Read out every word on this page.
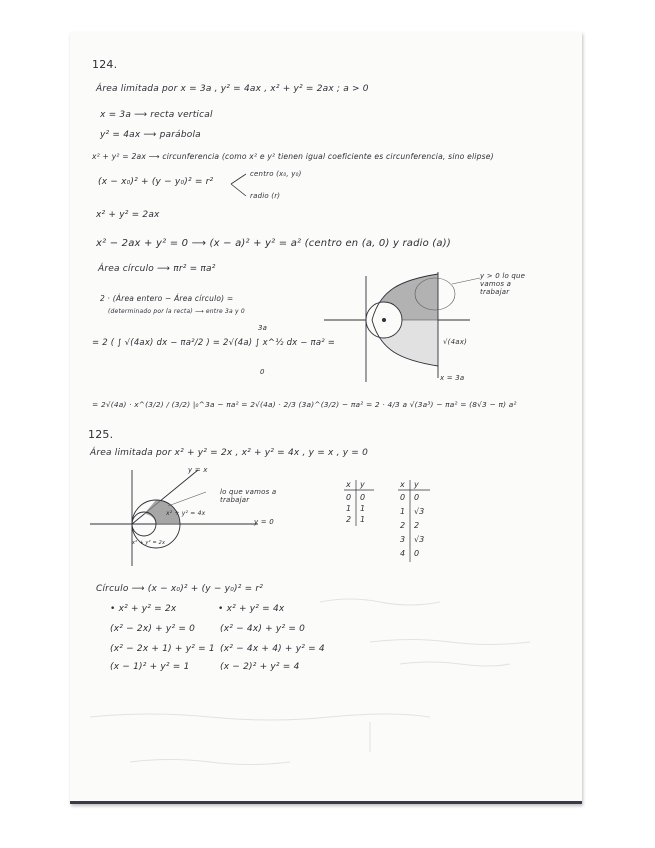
124.
Área limitada por x = 3a , y² = 4ax , x² + y² = 2ax ; a > 0
x = 3a ⟶ recta vertical
y² = 4ax ⟶ parábola
x² + y² = 2ax ⟶ circunferencia (como x² e y² tienen igual coeficiente es circunferencia, sino elipse)
(x − x₀)² + (y − y₀)² = r²
centro (x₀, y₀)
radio (r)
x² + y² = 2ax
x² − 2ax + y² = 0 ⟶ (x − a)² + y² = a² (centro en (a, 0) y radio (a))
Área círculo ⟶ πr² = πa²
2 · (Área entero − Área círculo) =
(determinado por la recta) ⟶ entre 3a y 0
= 2 ( ∫ √(4ax) dx − πa²/2 ) = 2√(4a) ∫ x^½ dx − πa² =
3a
0
= 2√(4a) · x^(3/2) / (3/2) |₀^3a − πa² = 2√(4a) · 2/3 (3a)^(3/2) − πa² = 2 · 4/3 a √(3a³) − πa² = (8√3 − π) a²
y > 0 lo que vamos a trabajar
√(4ax)
x = 3a
125.
Área limitada por x² + y² = 2x , x² + y² = 4x , y = x , y = 0
y = x
lo que vamos a trabajar
x² + y² = 4x
x² + y² = 2x
y = 0
x y
0 0
1 1
2 1
x y
0 0
1 √3
2 2
3 √3
4 0
Círculo ⟶ (x − x₀)² + (y − y₀)² = r²
• x² + y² = 2x
(x² − 2x) + y² = 0
(x² − 2x + 1) + y² = 1
(x − 1)² + y² = 1
• x² + y² = 4x
(x² − 4x) + y² = 0
(x² − 4x + 4) + y² = 4
(x − 2)² + y² = 4
